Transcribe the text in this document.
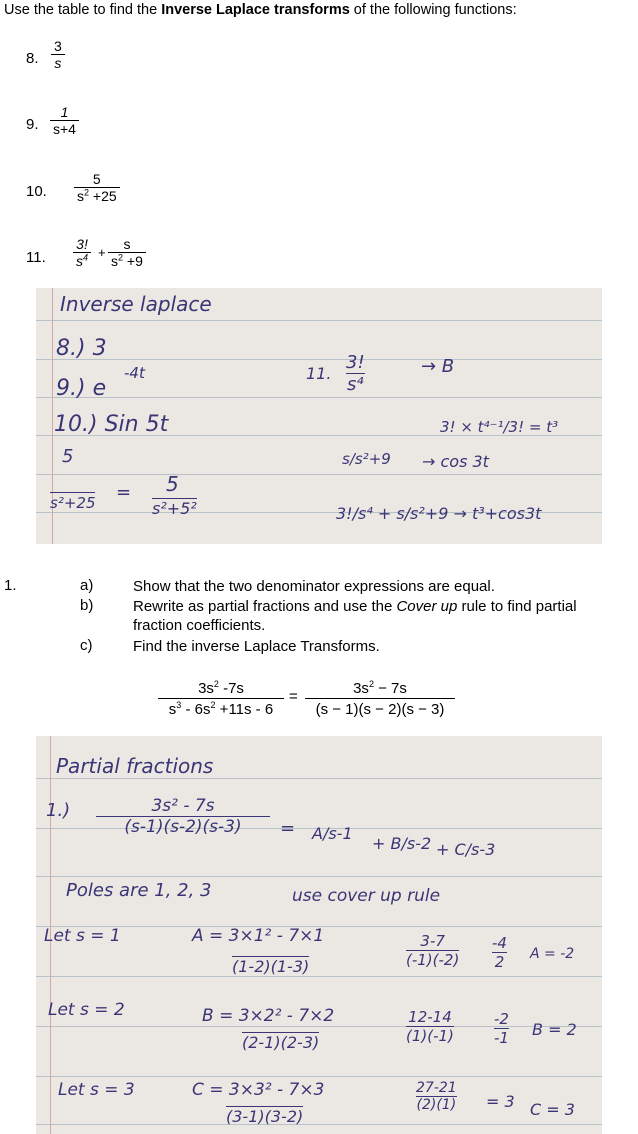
Use the table to find the Inverse Laplace transforms of the following functions:
8. $\frac{3}{s}$
9. $\frac{1}{s+4}$
10. $\frac{5}{s^2 +25}$
11. $\frac{3!}{s^4} + \frac{s}{s^2 +9}$
Inverse laplace
8.) 3
9.) e
-4t
10.) Sin 5t
5
s²+25 = 5
s²+5²
11. $\frac{3!}{\text{s⁴}}$	→ B
3! × t⁴⁻¹/3! = t³
s/s²+9 → cos 3t
3!/s⁴ + s/s²+9 → t³+cos3t
1.	a)	Show that the two denominator expressions are equal.
b)	Rewrite as partial fractions and use the Cover up rule to find partial fraction coefficients.
c)	Find the inverse Laplace Transforms.
$\frac{3s^2 -7s}{s^3 - 6s^2 +11s - 6} = \frac{3s^2 - 7s}{(s - 1)(s - 2)(s - 3)}$
Partial fractions
$1.) \frac{\text{3s² - 7s}}{(s-1)(s-2)(s-3)} = A/s-1$
+ B/s-2 + C/s-3
Poles are 1, 2, 3	use cover up rule
Let s = 1	A = 3×1² - 7×1
(1-2)(1-3)	$\frac{3-7}{(-1)(-2)} \frac{-4}{2}$ A = -2
Let s = 2	B = 3×2² - 7×2
(2-1)(2-3)	$\frac{12-14}{(1)(-1)}$	$\frac{-2}{-1}$ B = 2
Let s = 3	C = 3×3² - 7×3
(3-1)(3-2)
$\frac{27-21}{(2)(1)} = 3$ C = 3
